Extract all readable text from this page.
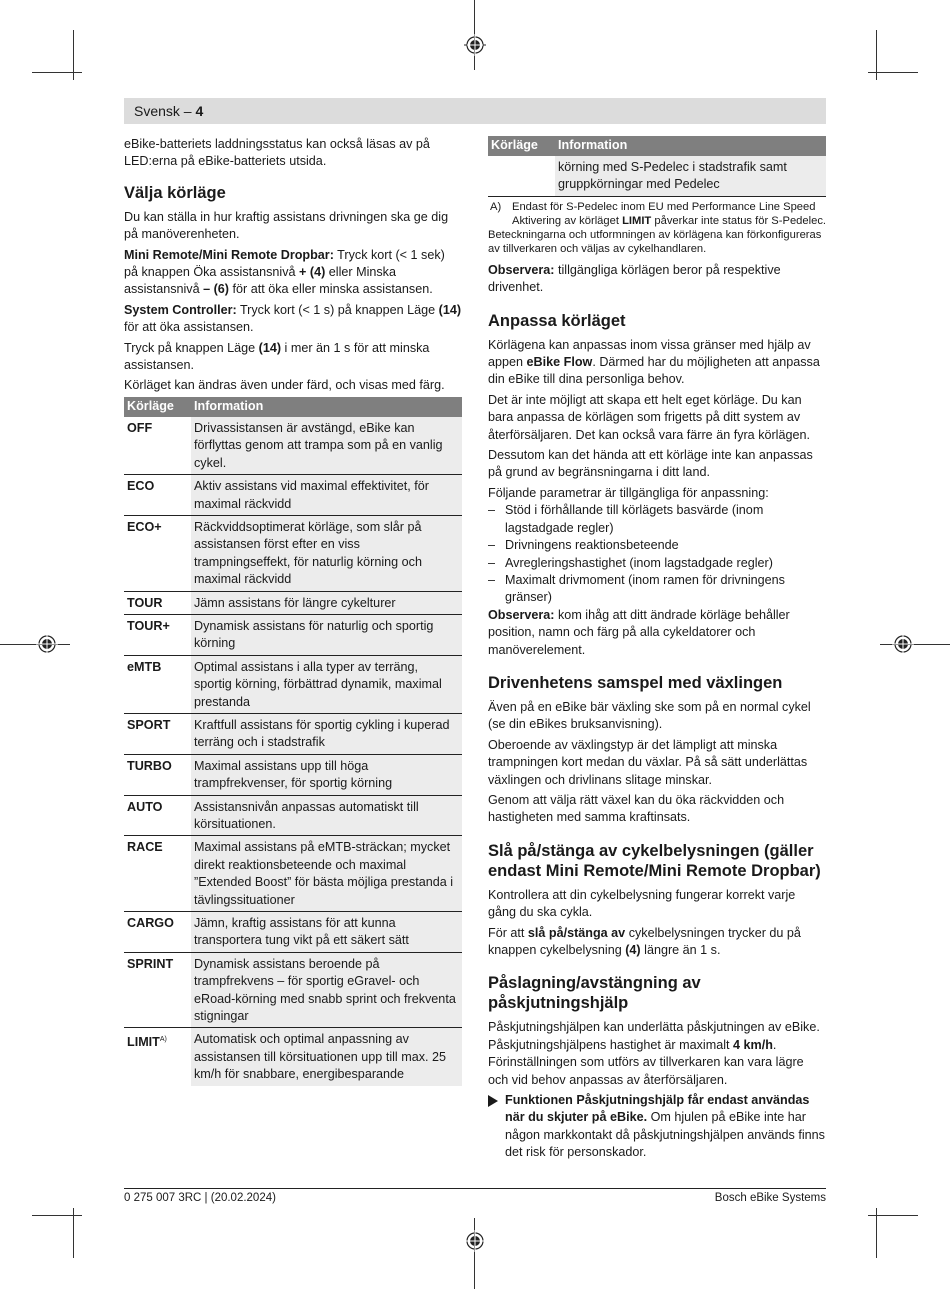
Svensk – 4

eBike-batteriets laddningsstatus kan också läsas av på LED:erna på eBike-batteriets utsida.

Välja körläge

Du kan ställa in hur kraftig assistans drivningen ska ge dig på manöverenheten.

Mini Remote/Mini Remote Dropbar: Tryck kort (< 1 sek) på knappen Öka assistansnivå + (4) eller Minska assistansnivå – (6) för att öka eller minska assistansen.

System Controller: Tryck kort (< 1 s) på knappen Läge (14) för att öka assistansen.

Tryck på knappen Läge (14) i mer än 1 s för att minska assistansen.

Körläget kan ändras även under färd, och visas med färg.

Körläge	Information
OFF	Drivassistansen är avstängd, eBike kan förflyttas genom att trampa som på en vanlig cykel.
ECO	Aktiv assistans vid maximal effektivitet, för maximal räckvidd
ECO+	Räckviddsoptimerat körläge, som slår på assistansen först efter en viss trampningseffekt, för naturlig körning och maximal räckvidd
TOUR	Jämn assistans för längre cykelturer
TOUR+	Dynamisk assistans för naturlig och sportig körning
eMTB	Optimal assistans i alla typer av terräng, sportig körning, förbättrad dynamik, maximal prestanda
SPORT	Kraftfull assistans för sportig cykling i kuperad terräng och i stadstrafik
TURBO	Maximal assistans upp till höga trampfrekvenser, för sportig körning
AUTO	Assistansnivån anpassas automatiskt till körsituationen.
RACE	Maximal assistans på eMTB-sträckan; mycket direkt reaktionsbeteende och maximal ”Extended Boost” för bästa möjliga prestanda i tävlingssituationer
CARGO	Jämn, kraftig assistans för att kunna transportera tung vikt på ett säkert sätt
SPRINT	Dynamisk assistans beroende på trampfrekvens – för sportig eGravel- och eRoad-körning med snabb sprint och frekventa stigningar
$LIMIT^{A)}$	Automatisk och optimal anpassning av assistansen till körsituationen upp till max. 25 km/h för snabbare, energibesparande
Körläge	Information
	körning med S-Pedelec i stadstrafik samt gruppkörningar med Pedelec
A) Endast för S-Pedelec inom EU med Performance Line Speed Aktivering av körläget LIMIT påverkar inte status för S-Pedelec.
Beteckningarna och utformningen av körlägena kan förkonfigureras av tillverkaren och väljas av cykelhandlaren.

Observera: tillgängliga körlägen beror på respektive drivenhet.

Anpassa körläget

Körlägena kan anpassas inom vissa gränser med hjälp av appen eBike Flow. Därmed har du möjligheten att anpassa din eBike till dina personliga behov.

Det är inte möjligt att skapa ett helt eget körläge. Du kan bara anpassa de körlägen som frigetts på ditt system av återförsäljaren. Det kan också vara färre än fyra körlägen.

Dessutom kan det hända att ett körläge inte kan anpassas på grund av begränsningarna i ditt land.

Följande parametrar är tillgängliga för anpassning:

– Stöd i förhållande till körlägets basvärde (inom lagstadgade regler)
– Drivningens reaktionsbeteende
– Avregleringshastighet (inom lagstadgade regler)
– Maximalt drivmoment (inom ramen för drivningens gränser)

Observera: kom ihåg att ditt ändrade körläge behåller position, namn och färg på alla cykeldatorer och manöverelement.

Drivenhetens samspel med växlingen

Även på en eBike bär växling ske som på en normal cykel (se din eBikes bruksanvisning).

Oberoende av växlingstyp är det lämpligt att minska trampningen kort medan du växlar. På så sätt underlättas växlingen och drivlinans slitage minskar.

Genom att välja rätt växel kan du öka räckvidden och hastigheten med samma kraftinsats.

Slå på/stänga av cykelbelysningen (gäller endast Mini Remote/Mini Remote Dropbar)

Kontrollera att din cykelbelysning fungerar korrekt varje gång du ska cykla.

För att slå på/stänga av cykelbelysningen trycker du på knappen cykelbelysning (4) längre än 1 s.

Påslagning/avstängning av påskjutningshjälp

Påskjutningshjälpen kan underlätta påskjutningen av eBike. Påskjutningshjälpens hastighet är maximalt 4 km/h. Förinställningen som utförs av tillverkaren kan vara lägre och vid behov anpassas av återförsäljaren.

Funktionen Påskjutningshjälp får endast användas när du skjuter på eBike. Om hjulen på eBike inte har någon markkontakt då påskjutningshjälpen används finns det risk för personskador.
0 275 007 3RC | (20.02.2024)	Bosch eBike Systems
